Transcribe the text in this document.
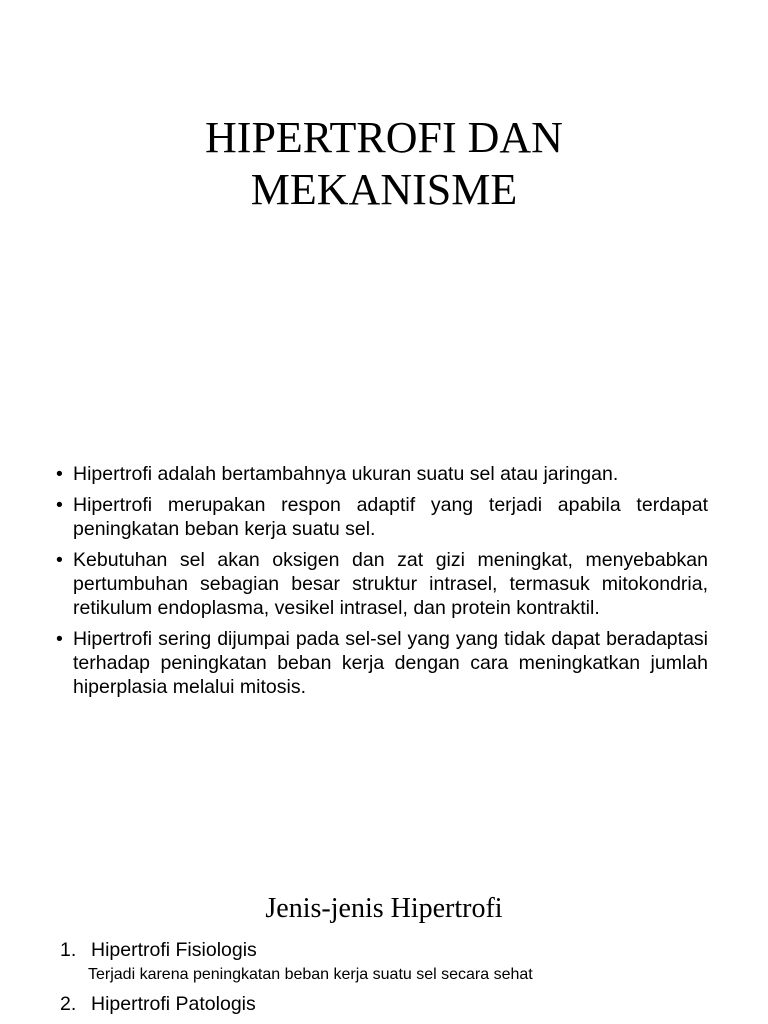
HIPERTROFI DAN
MEKANISME
• Hipertrofi adalah bertambahnya ukuran suatu sel atau jaringan.
• Hipertrofi merupakan respon adaptif yang terjadi apabila terdapat peningkatan beban kerja suatu sel.
• Kebutuhan sel akan oksigen dan zat gizi meningkat, menyebabkan pertumbuhan sebagian besar struktur intrasel, termasuk mitokondria, retikulum endoplasma, vesikel intrasel, dan protein kontraktil.
• Hipertrofi sering dijumpai pada sel-sel yang yang tidak dapat beradaptasi terhadap peningkatan beban kerja dengan cara meningkatkan jumlah hiperplasia melalui mitosis.
Jenis-jenis Hipertrofi
1. Hipertrofi Fisiologis
Terjadi karena peningkatan beban kerja suatu sel secara sehat
2. Hipertrofi Patologis
